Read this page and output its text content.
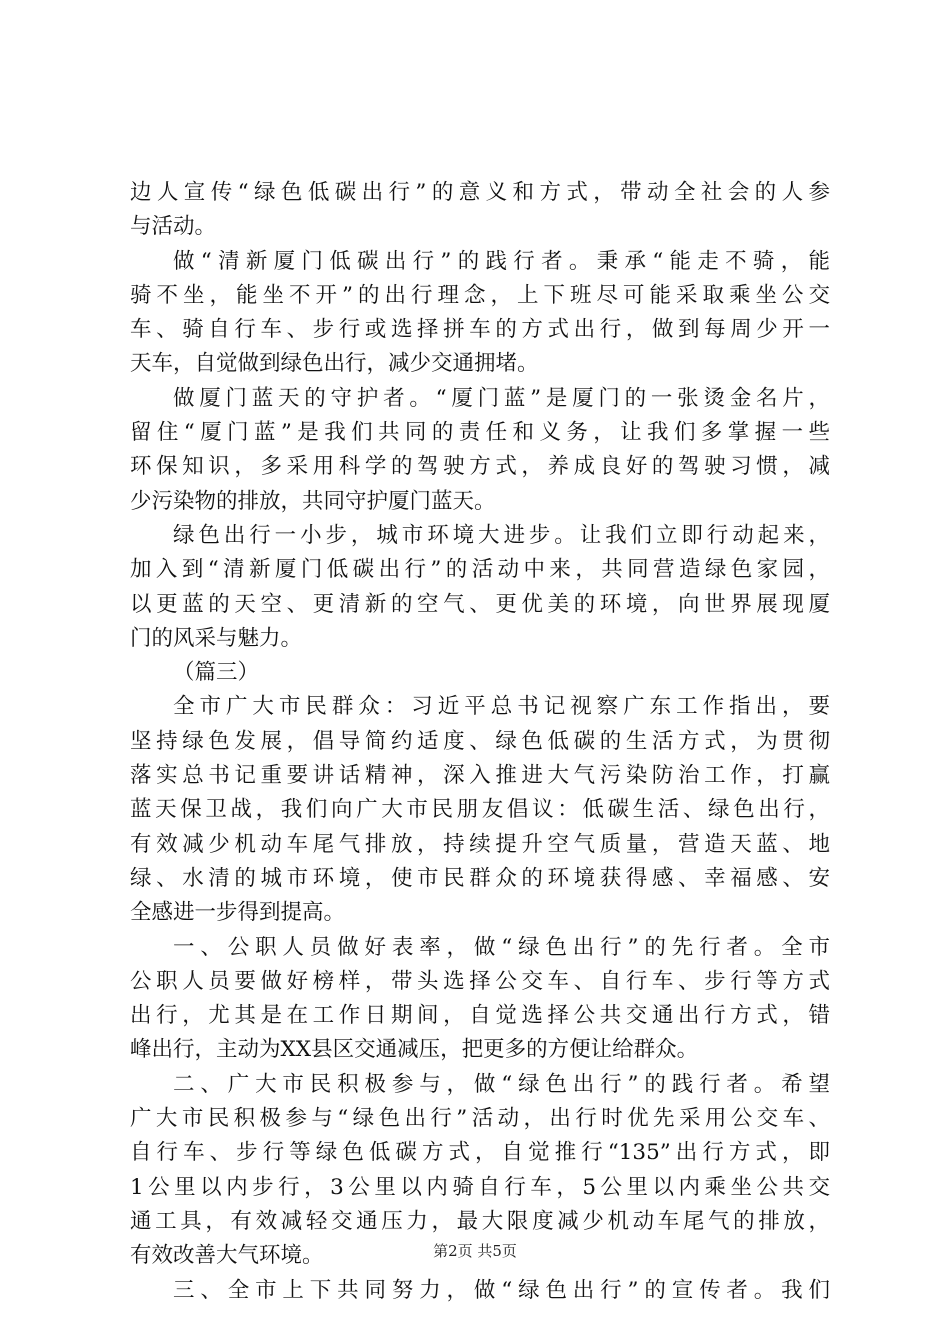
边人宣传“绿色低碳出行”的意义和方式，带动全社会的人参
与活动。
做“清新厦门低碳出行”的践行者。秉承“能走不骑，能
骑不坐，能坐不开”的出行理念，上下班尽可能采取乘坐公交
车、骑自行车、步行或选择拼车的方式出行，做到每周少开一
天车，自觉做到绿色出行，减少交通拥堵。
做厦门蓝天的守护者。“厦门蓝”是厦门的一张烫金名片，
留住“厦门蓝”是我们共同的责任和义务，让我们多掌握一些
环保知识，多采用科学的驾驶方式，养成良好的驾驶习惯，减
少污染物的排放，共同守护厦门蓝天。
绿色出行一小步，城市环境大进步。让我们立即行动起来，
加入到“清新厦门低碳出行”的活动中来，共同营造绿色家园，
以更蓝的天空、更清新的空气、更优美的环境，向世界展现厦
门的风采与魅力。
（篇三）
全市广大市民群众：习近平总书记视察广东工作指出，要
坚持绿色发展，倡导简约适度、绿色低碳的生活方式，为贯彻
落实总书记重要讲话精神，深入推进大气污染防治工作，打赢
蓝天保卫战，我们向广大市民朋友倡议：低碳生活、绿色出行，
有效减少机动车尾气排放，持续提升空气质量，营造天蓝、地
绿、水清的城市环境，使市民群众的环境获得感、幸福感、安
全感进一步得到提高。
一、公职人员做好表率，做“绿色出行”的先行者。全市
公职人员要做好榜样，带头选择公交车、自行车、步行等方式
出行，尤其是在工作日期间，自觉选择公共交通出行方式，错
峰出行，主动为XX县区交通减压，把更多的方便让给群众。
二、广大市民积极参与，做“绿色出行”的践行者。希望
广大市民积极参与“绿色出行”活动，出行时优先采用公交车、
自行车、步行等绿色低碳方式，自觉推行“135”出行方式，即
1公里以内步行，3公里以内骑自行车，5公里以内乘坐公共交
通工具，有效减轻交通压力，最大限度减少机动车尾气的排放，
有效改善大气环境。
三、全市上下共同努力，做“绿色出行”的宣传者。我们
第2页 共5页
